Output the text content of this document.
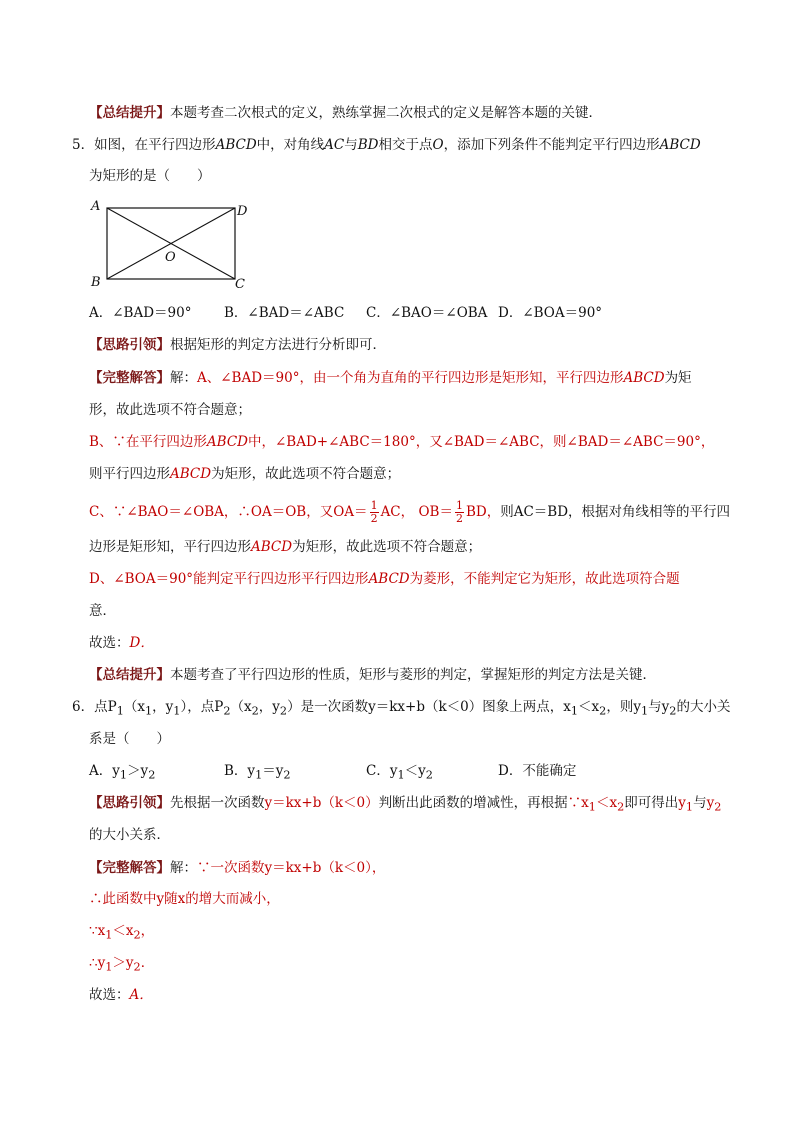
【总结提升】本题考查二次根式的定义，熟练掌握二次根式的定义是解答本题的关键．
5．如图，在平行四边形ABCD中，对角线AC与BD相交于点O，添加下列条件不能判定平行四边形ABCD
为矩形的是（　　）
A	D
B	C
O
A．∠BAD＝90° B．∠BAD＝∠ABC C．∠BAO＝∠OBA D．∠BOA＝90°
【思路引领】根据矩形的判定方法进行分析即可．
【完整解答】解：A、∠BAD＝90°，由一个角为直角的平行四边形是矩形知，平行四边形ABCD为矩
形，故此选项不符合题意；
B、∵在平行四边形ABCD中，∠BAD+∠ABC＝180°，又∠BAD＝∠ABC，则∠BAD＝∠ABC＝90°，
则平行四边形ABCD为矩形，故此选项不符合题意；
C、∵∠BAO＝∠OBA，∴OA＝OB，又$OA= \frac{1}{2}$ AC， $OB= \frac{1}{2}$ BD，则AC＝BD，根据对角线相等的平行四
边形是矩形知，平行四边形ABCD为矩形，故此选项不符合题意；
D、∠BOA＝90°能判定平行四边形平行四边形ABCD为菱形，不能判定它为矩形，故此选项符合题
意．
故选：D．
【总结提升】本题考查了平行四边形的性质，矩形与菱形的判定，掌握矩形的判定方法是关键．
6．点$P_1(x_1$，$y_1$），点$P_2(x_2$，$y_2$）是一次函数y＝kx+b（k＜0）图象上两点，$x_1<x_2$，则$y_1$与$y_2$的大小关
系是（　　）
A．$y_1>y_2$	B．$y_1=y_2$	C．$y_1<y_2$	D．不能确定
【思路引领】先根据一次函数y＝kx+b（k＜0）判断出此函数的增减性，再根据$\because x_1<x_2$即可得出$y_1$与$y_2$
的大小关系．
【完整解答】解：∵一次函数y＝kx+b（k＜0），
∴此函数中y随x的增大而减小，
$\because x_1<x_2$，
$\therefore y_1>y_2$．
故选：A．
